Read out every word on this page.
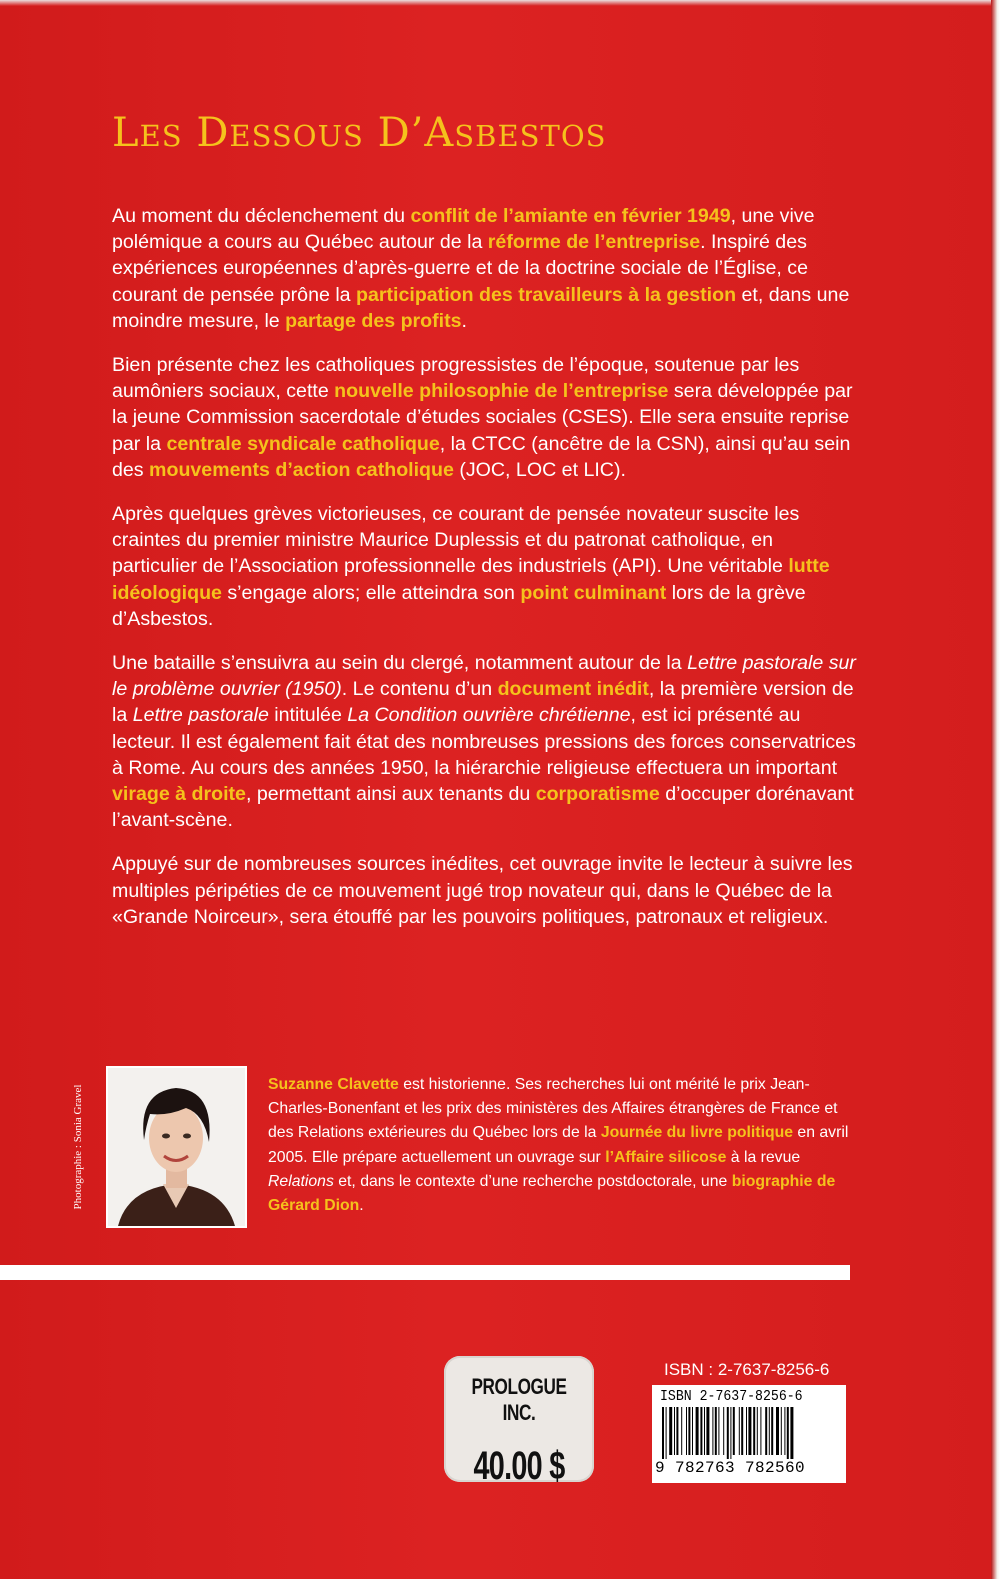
LES DESSOUS D’ASBESTOS

Au moment du déclenchement du conflit de l’amiante en février 1949, une vive polémique a cours au Québec autour de la réforme de l’entreprise. Inspiré des expériences européennes d’après-guerre et de la doctrine sociale de l’Église, ce courant de pensée prône la participation des travailleurs à la gestion et, dans une moindre mesure, le partage des profits.

Bien présente chez les catholiques progressistes de l’époque, soutenue par les aumôniers sociaux, cette nouvelle philosophie de l’entreprise sera développée par la jeune Commission sacerdotale d’études sociales (CSES). Elle sera ensuite reprise par la centrale syndicale catholique, la CTCC (ancêtre de la CSN), ainsi qu’au sein des mouvements d’action catholique (JOC, LOC et LIC).

Après quelques grèves victorieuses, ce courant de pensée novateur suscite les craintes du premier ministre Maurice Duplessis et du patronat catholique, en particulier de l’Association professionnelle des industriels (API). Une véritable lutte idéologique s’engage alors; elle atteindra son point culminant lors de la grève d’Asbestos.

Une bataille s’ensuivra au sein du clergé, notamment autour de la Lettre pastorale sur le problème ouvrier (1950). Le contenu d’un document inédit, la première version de la Lettre pastorale intitulée La Condition ouvrière chrétienne, est ici présenté au lecteur. Il est également fait état des nombreuses pressions des forces conservatrices à Rome. Au cours des années 1950, la hiérarchie religieuse effectuera un important virage à droite, permettant ainsi aux tenants du corporatisme d’occuper dorénavant l’avant-scène.

Appuyé sur de nombreuses sources inédites, cet ouvrage invite le lecteur à suivre les multiples péripéties de ce mouvement jugé trop novateur qui, dans le Québec de la «Grande Noirceur», sera étouffé par les pouvoirs politiques, patronaux et religieux.

Photographie : Sonia Gravel
Suzanne Clavette est historienne. Ses recherches lui ont mérité le prix Jean-Charles-Bonenfant et les prix des ministères des Affaires étrangères de France et des Relations extérieures du Québec lors de la Journée du livre politique en avril 2005. Elle prépare actuellement un ouvrage sur l’Affaire silicose à la revue Relations et, dans le contexte d’une recherche postdoctorale, une biographie de Gérard Dion.
PROLOGUE INC.
40.00 $
ISBN : 2-7637-8256-6
ISBN 2-7637-8256-6
9 782763 782560
